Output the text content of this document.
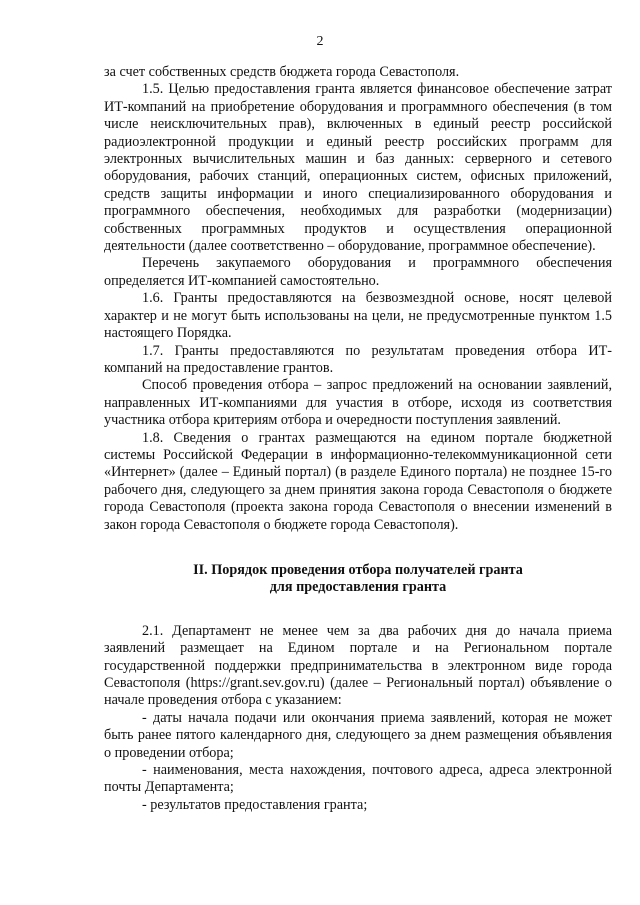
2

за счет собственных средств бюджета города Севастополя.

1.5. Целью предоставления гранта является финансовое обеспечение затрат ИТ-компаний на приобретение оборудования и программного обеспечения (в том числе неисключительных прав), включенных в единый реестр российской радиоэлектронной продукции и единый реестр российских программ для электронных вычислительных машин и баз данных: серверного и сетевого оборудования, рабочих станций, операционных систем, офисных приложений, средств защиты информации и иного специализированного оборудования и программного обеспечения, необходимых для разработки (модернизации) собственных программных продуктов и осуществления операционной деятельности (далее соответственно – оборудование, программное обеспечение).

Перечень закупаемого оборудования и программного обеспечения определяется ИТ-компанией самостоятельно.

1.6. Гранты предоставляются на безвозмездной основе, носят целевой характер и не могут быть использованы на цели, не предусмотренные пунктом 1.5 настоящего Порядка.

1.7. Гранты предоставляются по результатам проведения отбора ИТ-компаний на предоставление грантов.

Способ проведения отбора – запрос предложений на основании заявлений, направленных ИТ-компаниями для участия в отборе, исходя из соответствия участника отбора критериям отбора и очередности поступления заявлений.

1.8. Сведения о грантах размещаются на едином портале бюджетной системы Российской Федерации в информационно-телекоммуникационной сети «Интернет» (далее – Единый портал) (в разделе Единого портала) не позднее 15-го рабочего дня, следующего за днем принятия закона города Севастополя о бюджете города Севастополя (проекта закона города Севастополя о внесении изменений в закон города Севастополя о бюджете города Севастополя).

II. Порядок проведения отбора получателей гранта
для предоставления гранта

2.1. Департамент не менее чем за два рабочих дня до начала приема заявлений размещает на Едином портале и на Региональном портале государственной поддержки предпринимательства в электронном виде города Севастополя (https://grant.sev.gov.ru) (далее – Региональный портал) объявление о начале проведения отбора с указанием:

- даты начала подачи или окончания приема заявлений, которая не может быть ранее пятого календарного дня, следующего за днем размещения объявления о проведении отбора;

- наименования, места нахождения, почтового адреса, адреса электронной почты Департамента;

- результатов предоставления гранта;
